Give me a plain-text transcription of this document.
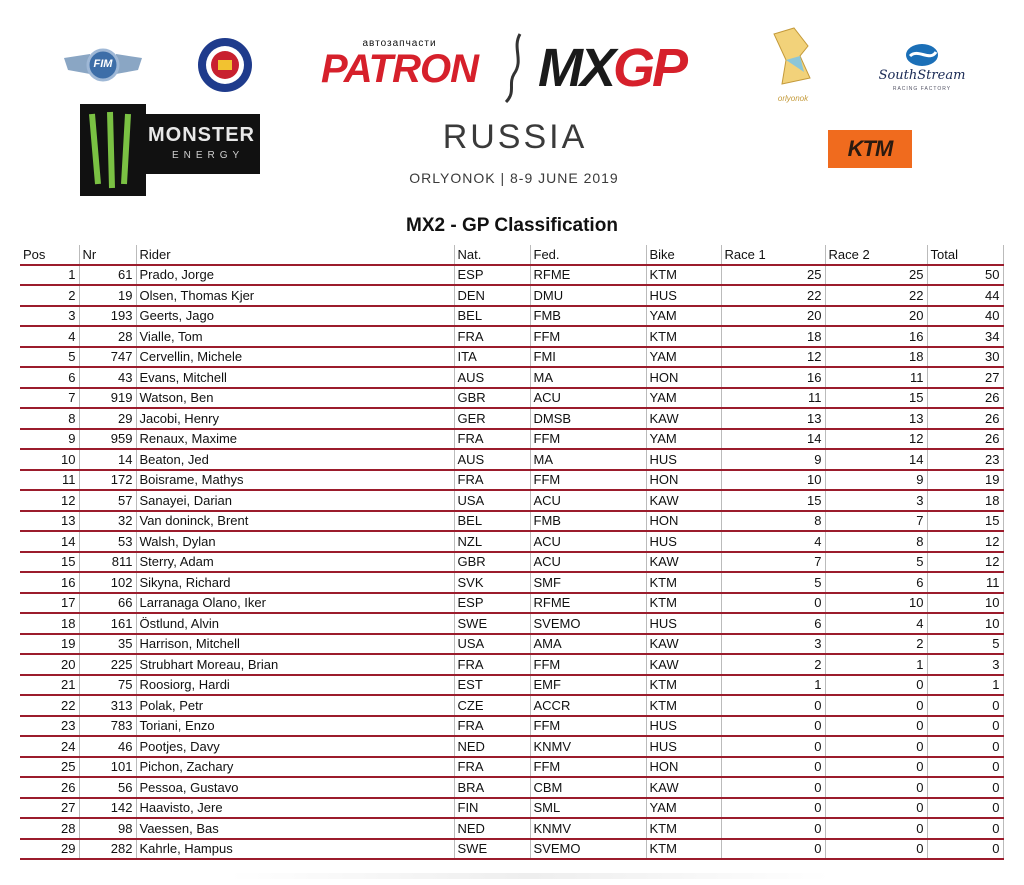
FIM
автозапчасти
PATRON MXGP
orlyonok
SouthStream
RACING FACTORY
MONSTER
ENERGY	RUSSIA
ORLYONOK | 8-9 JUNE 2019
KTM
MX2 - GP Classification
Pos	Nr	Rider	Nat.	Fed.	Bike	Race 1	Race 2	Total
1	61	Prado, Jorge	ESP	RFME	KTM	25	25	50
2	19	Olsen, Thomas Kjer	DEN	DMU	HUS	22	22	44
3	193	Geerts, Jago	BEL	FMB	YAM	20	20	40
4	28	Vialle, Tom	FRA	FFM	KTM	18	16	34
5	747	Cervellin, Michele	ITA	FMI	YAM	12	18	30
6	43	Evans, Mitchell	AUS	MA	HON	16	11	27
7	919	Watson, Ben	GBR	ACU	YAM	11	15	26
8	29	Jacobi, Henry	GER	DMSB	KAW	13	13	26
9	959	Renaux, Maxime	FRA	FFM	YAM	14	12	26
10	14	Beaton, Jed	AUS	MA	HUS	9	14	23
11	172	Boisrame, Mathys	FRA	FFM	HON	10	9	19
12	57	Sanayei, Darian	USA	ACU	KAW	15	3	18
13	32	Van doninck, Brent	BEL	FMB	HON	8	7	15
14	53	Walsh, Dylan	NZL	ACU	HUS	4	8	12
15	811	Sterry, Adam	GBR	ACU	KAW	7	5	12
16	102	Sikyna, Richard	SVK	SMF	KTM	5	6	11
17	66	Larranaga Olano, Iker	ESP	RFME	KTM	0	10	10
18	161	Östlund, Alvin	SWE	SVEMO	HUS	6	4	10
19	35	Harrison, Mitchell	USA	AMA	KAW	3	2	5
20	225	Strubhart Moreau, Brian	FRA	FFM	KAW	2	1	3
21	75	Roosiorg, Hardi	EST	EMF	KTM	1	0	1
22	313	Polak, Petr	CZE	ACCR	KTM	0	0	0
23	783	Toriani, Enzo	FRA	FFM	HUS	0	0	0
24	46	Pootjes, Davy	NED	KNMV	HUS	0	0	0
25	101	Pichon, Zachary	FRA	FFM	HON	0	0	0
26	56	Pessoa, Gustavo	BRA	CBM	KAW	0	0	0
27	142	Haavisto, Jere	FIN	SML	YAM	0	0	0
28	98	Vaessen, Bas	NED	KNMV	KTM	0	0	0
29	282	Kahrle, Hampus	SWE	SVEMO	KTM	0	0	0
